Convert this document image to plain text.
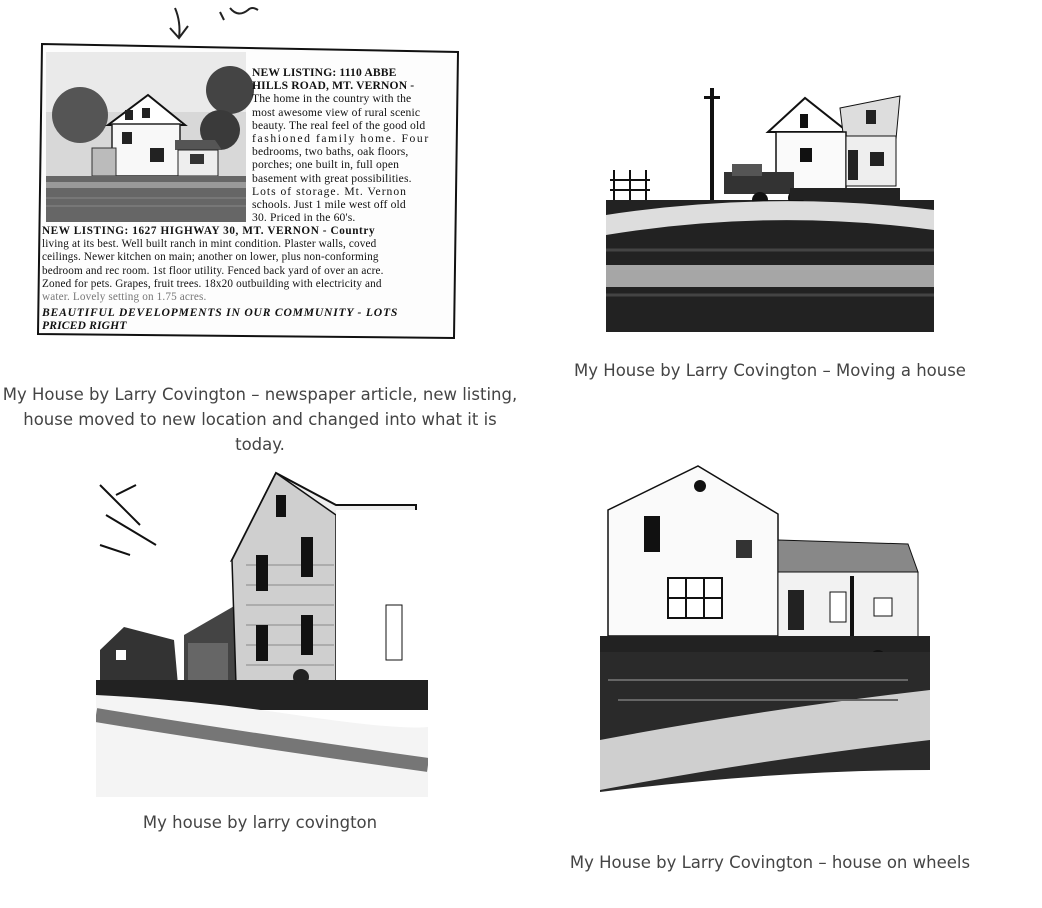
NEW LISTING: 1110 ABBE
HILLS ROAD, MT. VERNON -
The home in the country with the
most awesome view of rural scenic
beauty. The real feel of the good old
fashioned family home. Four
bedrooms, two baths, oak floors,
porches; one built in, full open
basement with great possibilities.
Lots of storage. Mt. Vernon
schools. Just 1 mile west off old
30. Priced in the 60's.
NEW LISTING: 1627 HIGHWAY 30, MT. VERNON - Country
living at its best. Well built ranch in mint condition. Plaster walls, coved
ceilings. Newer kitchen on main; another on lower, plus non-conforming
bedroom and rec room. 1st floor utility. Fenced back yard of over an acre.
Zoned for pets. Grapes, fruit trees. 18x20 outbuilding with electricity and
water. Lovely setting on 1.75 acres.
BEAUTIFUL DEVELOPMENTS IN OUR COMMUNITY - LOTS
PRICED RIGHT
My House by Larry Covington – newspaper article, new listing,
house moved to new location and changed into what it is today.
My House by Larry Covington – Moving a house
My house by larry covington
My House by Larry Covington – house on wheels
